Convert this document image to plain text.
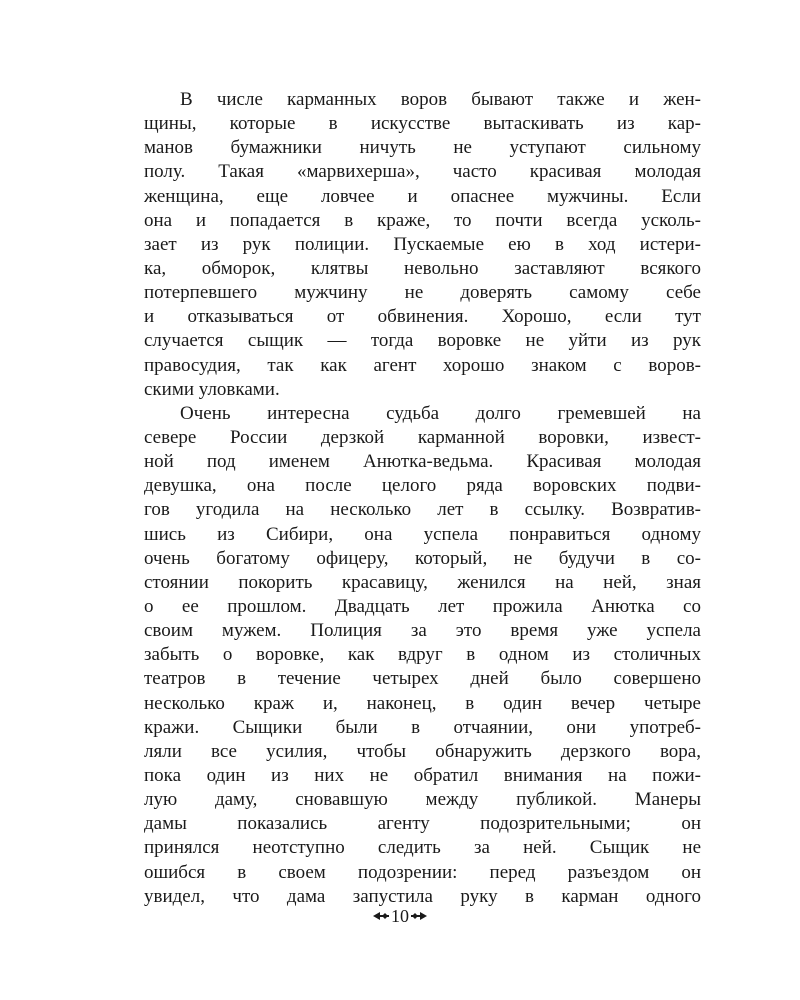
В числе карманных воров бывают также и жен-
щины, которые в искусстве вытаскивать из кар-
манов бумажники ничуть не уступают сильному
полу. Такая «марвихерша», часто красивая молодая
женщина, еще ловчее и опаснее мужчины. Если
она и попадается в краже, то почти всегда усколь-
зает из рук полиции. Пускаемые ею в ход истери-
ка, обморок, клятвы невольно заставляют всякого
потерпевшего мужчину не доверять самому себе
и отказываться от обвинения. Хорошо, если тут
случается сыщик — тогда воровке не уйти из рук
правосудия, так как агент хорошо знаком с воров-
скими уловками.
Очень интересна судьба долго гремевшей на
севере России дерзкой карманной воровки, извест-
ной под именем Анютка-ведьма. Красивая молодая
девушка, она после целого ряда воровских подви-
гов угодила на несколько лет в ссылку. Возвратив-
шись из Сибири, она успела понравиться одному
очень богатому офицеру, который, не будучи в со-
стоянии покорить красавицу, женился на ней, зная
о ее прошлом. Двадцать лет прожила Анютка со
своим мужем. Полиция за это время уже успела
забыть о воровке, как вдруг в одном из столичных
театров в течение четырех дней было совершено
несколько краж и, наконец, в один вечер четыре
кражи. Сыщики были в отчаянии, они употреб-
ляли все усилия, чтобы обнаружить дерзкого вора,
пока один из них не обратил внимания на пожи-
лую даму, сновавшую между публикой. Манеры
дамы показались агенту подозрительными; он
принялся неотступно следить за ней. Сыщик не
ошибся в своем подозрении: перед разъездом он
увидел, что дама запустила руку в карман одного
10
